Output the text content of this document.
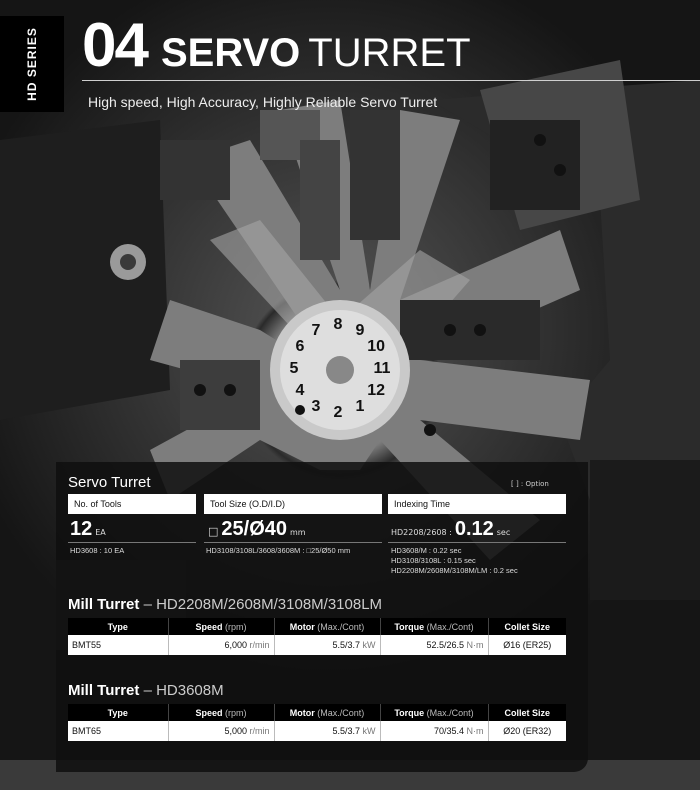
1
2
3
4
5
6
7 8 9
10
11
12
HD SERIES 04 SERVO TURRET
High speed, High Accuracy, Highly Reliable Servo Turret
Servo Turret	[ ] : Option
No. of Tools	Tool Size (O.D/I.D)	Indexing Time
12 EA	□ 25/Ø40 mm	HD2208/2608 : 0.12 sec
HD3608 : 10 EA	HD3108/3108L/3608/3608M : □25/Ø50 mm	HD3608/M : 0.22 sec
HD3108/3108L : 0.15 sec
HD2208M/2608M/3108M/LM : 0.2 sec
Mill Turret – HD2208M/2608M/3108M/3108LM
Type	Speed (rpm)	Motor (Max./Cont)	Torque (Max./Cont)	Collet Size
BMT55	6,000 r/min	5.5/3.7 kW	52.5/26.5 N·m	Ø16 (ER25)
Mill Turret – HD3608M
Type	Speed (rpm)	Motor (Max./Cont)	Torque (Max./Cont)	Collet Size
BMT65	5,000 r/min	5.5/3.7 kW	70/35.4 N·m	Ø20 (ER32)
